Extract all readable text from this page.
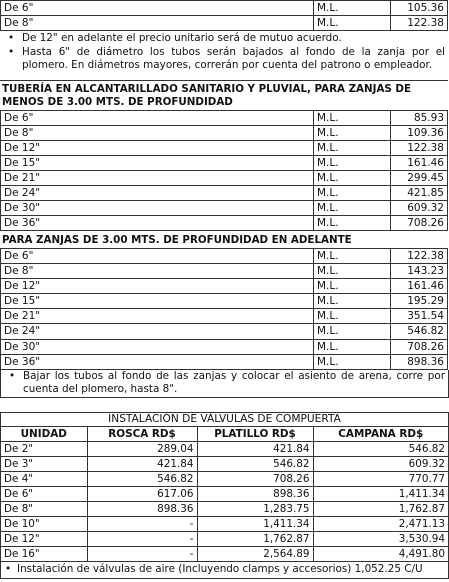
De 6"	M.L.	105.36
De 8"	M.L.	122.38
• De 12" en adelante el precio unitario será de mutuo acuerdo.
• Hasta 6" de diámetro los tubos serán bajados al fondo de la zanja por el plomero. En diámetros mayores, correrán por cuenta del patrono o empleador.
TUBERÍA EN ALCANTARILLADO SANITARIO Y PLUVIAL, PARA ZANJAS DE MENOS DE 3.00 MTS. DE PROFUNDIDAD
De 6"	M.L.	85.93
De 8"	M.L.	109.36
De 12"	M.L.	122.38
De 15"	M.L.	161.46
De 21"	M.L.	299.45
De 24"	M.L.	421.85
De 30"	M.L.	609.32
De 36"	M.L.	708.26
PARA ZANJAS DE 3.00 MTS. DE PROFUNDIDAD EN ADELANTE
De 6"	M.L.	122.38
De 8"	M.L.	143.23
De 12"	M.L.	161.46
De 15"	M.L.	195.29
De 21"	M.L.	351.54
De 24"	M.L.	546.82
De 30"	M.L.	708.26
De 36"	M.L.	898.36
• Bajar los tubos al fondo de las zanjas y colocar el asiento de arena, corre por cuenta del plomero, hasta 8".
INSTALACIÓN DE VÁLVULAS DE COMPUERTA
UNIDAD	ROSCA RD$	PLATILLO RD$	CAMPANA RD$
De 2"	289.04	421.84	546.82
De 3"	421.84	546.82	609.32
De 4"	546.82	708.26	770.77
De 6"	617.06	898.36	1,411.34
De 8"	898.36	1,283.75	1,762.87
De 10"	-	1,411.34	2,471.13
De 12"	-	1,762.87	3,530.94
De 16"	-	2,564.89	4,491.80
• Instalación de válvulas de aire (Incluyendo clamps y accesorios) 1,052.25 C/U
